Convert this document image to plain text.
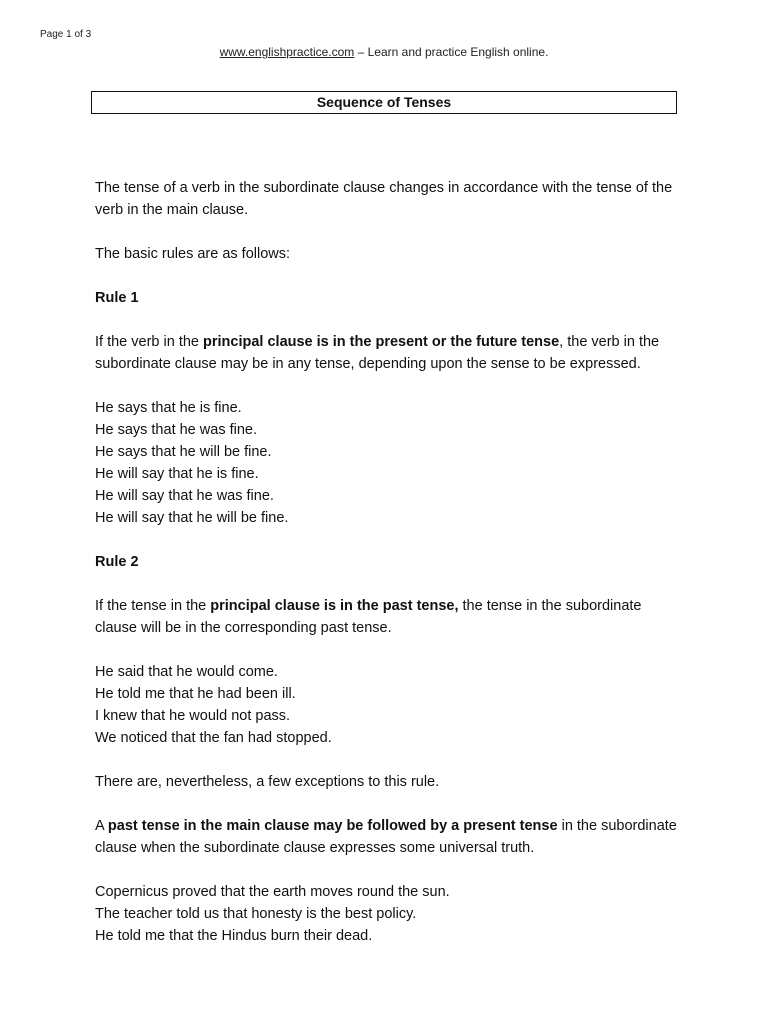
Page 1 of 3
www.englishpractice.com – Learn and practice English online.
Sequence of Tenses

The tense of a verb in the subordinate clause changes in accordance with the tense of the verb in the main clause.

The basic rules are as follows:

Rule 1

If the verb in the principal clause is in the present or the future tense, the verb in the subordinate clause may be in any tense, depending upon the sense to be expressed.

He says that he is fine.
He says that he was fine.
He says that he will be fine.
He will say that he is fine.
He will say that he was fine.
He will say that he will be fine.

Rule 2

If the tense in the principal clause is in the past tense, the tense in the subordinate clause will be in the corresponding past tense.

He said that he would come.
He told me that he had been ill.
I knew that he would not pass.
We noticed that the fan had stopped.

There are, nevertheless, a few exceptions to this rule.

A past tense in the main clause may be followed by a present tense in the subordinate clause when the subordinate clause expresses some universal truth.

Copernicus proved that the earth moves round the sun.
The teacher told us that honesty is the best policy.
He told me that the Hindus burn their dead.
